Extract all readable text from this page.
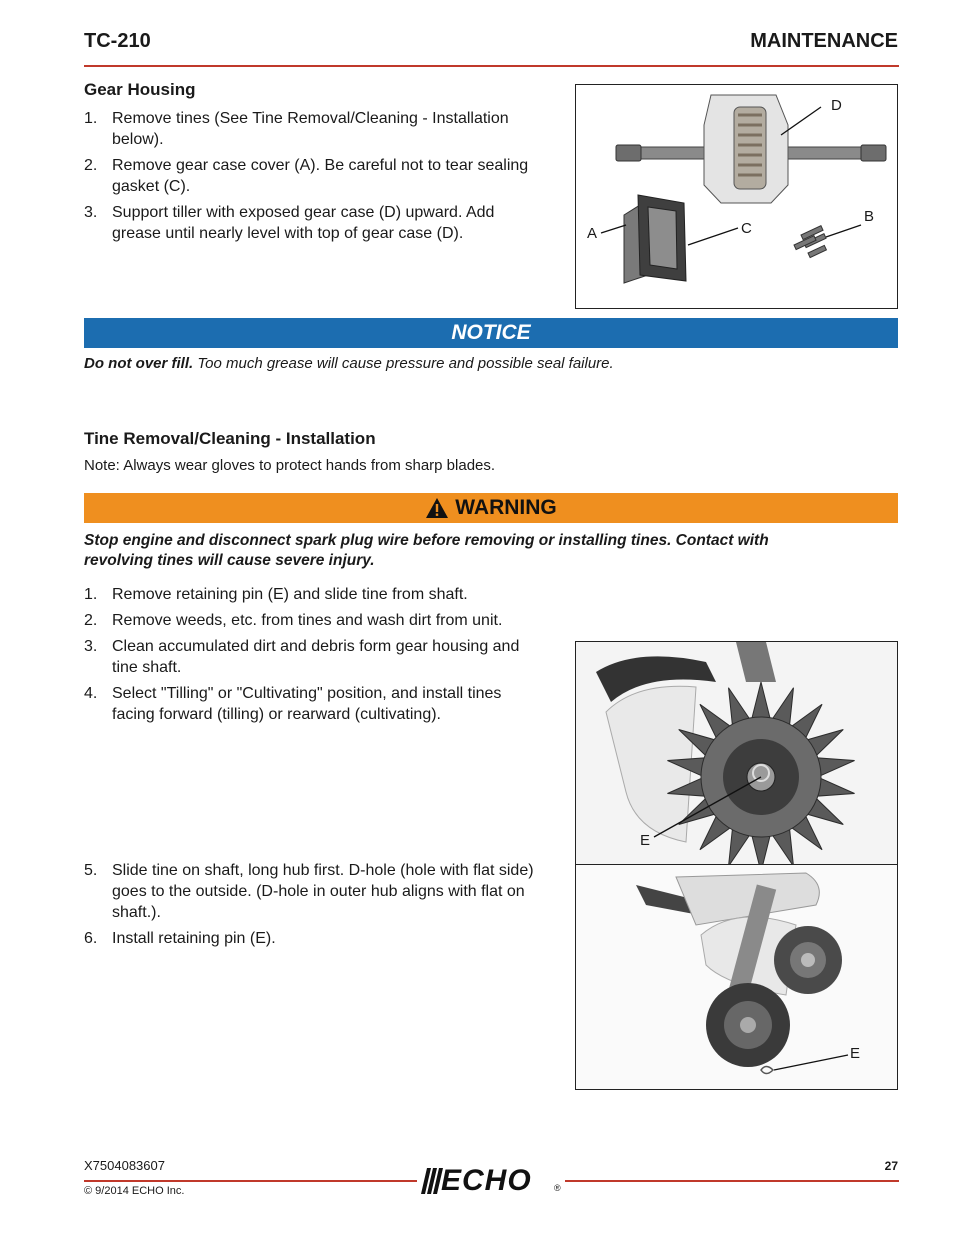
TC-210	MAINTENANCE
Gear Housing
1. Remove tines (See Tine Removal/Cleaning - Installation
below).
2. Remove gear case cover (A). Be careful not to tear sealing
gasket (C).
3. Support tiller with exposed gear case (D) upward. Add
grease until nearly level with top of gear case (D).
D
B
C
A
NOTICE
Do not over fill. Too much grease will cause pressure and possible seal failure.
Tine Removal/Cleaning - Installation
Note: Always wear gloves to protect hands from sharp blades.
WARNING
Stop engine and disconnect spark plug wire before removing or installing tines. Contact with
revolving tines will cause severe injury.
1. Remove retaining pin (E) and slide tine from shaft.
2. Remove weeds, etc. from tines and wash dirt from unit.
3. Clean accumulated dirt and debris form gear housing and
tine shaft.
4. Select "Tilling" or "Cultivating" position, and install tines
facing forward (tilling) or rearward (cultivating).
5. Slide tine on shaft, long hub first. D-hole (hole with flat side)
goes to the outside. (D-hole in outer hub aligns with flat on
shaft.).
6. Install retaining pin (E).
E
E
X7504083607
© 9/2014 ECHO Inc.
27
ECHO ®
